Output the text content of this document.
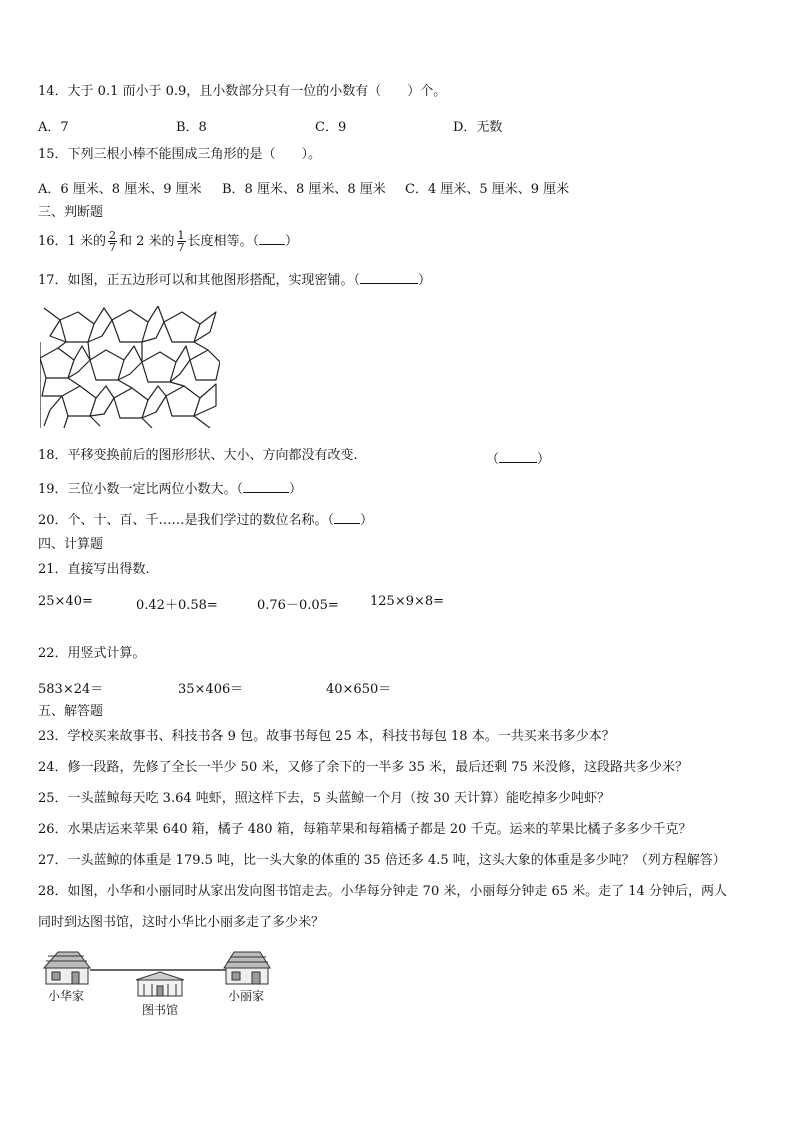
14．大于 0.1 而小于 0.9，且小数部分只有一位的小数有（　　）个。
A．7	B．8	C．9	D．无数
15．下列三根小棒不能围成三角形的是（　　）。
A．6 厘米、8 厘米、9 厘米 B．8 厘米、8 厘米、8 厘米 C．4 厘米、5 厘米、9 厘米
三、判断题
16．1 米的 $\frac{2}{7}$ 和 2 米的 $\frac{1}{7}$ 长度相等。（ ）
17．如图，正五边形可以和其他图形搭配，实现密铺。（	）
18．平移变换前后的图形形状、大小、方向都没有改变.	（	）
19．三位小数一定比两位小数大。（	）
20．个、十、百、千……是我们学过的数位名称。（ ）
四、计算题
21．直接写出得数.
25×40=	0.42＋0.58=	0.76－0.05= 125×9×8=
22．用竖式计算。
583×24＝	35×406＝	40×650＝
五、解答题
23．学校买来故事书、科技书各 9 包。故事书每包 25 本，科技书每包 18 本。一共买来书多少本？
24．修一段路，先修了全长一半少 50 米，又修了余下的一半多 35 米，最后还剩 75 米没修，这段路共多少米？
25．一头蓝鲸每天吃 3.64 吨虾，照这样下去，5 头蓝鲸一个月（按 30 天计算）能吃掉多少吨虾？
26．水果店运来苹果 640 箱，橘子 480 箱，每箱苹果和每箱橘子都是 20 千克。运来的苹果比橘子多多少千克？
27．一头蓝鲸的体重是 179.5 吨，比一头大象的体重的 35 倍还多 4.5 吨，这头大象的体重是多少吨？（列方程解答）
28．如图，小华和小丽同时从家出发向图书馆走去。小华每分钟走 70 米，小丽每分钟走 65 米。走了 14 分钟后，两人
同时到达图书馆，这时小华比小丽多走了多少米？
小华家
图书馆
小丽家
